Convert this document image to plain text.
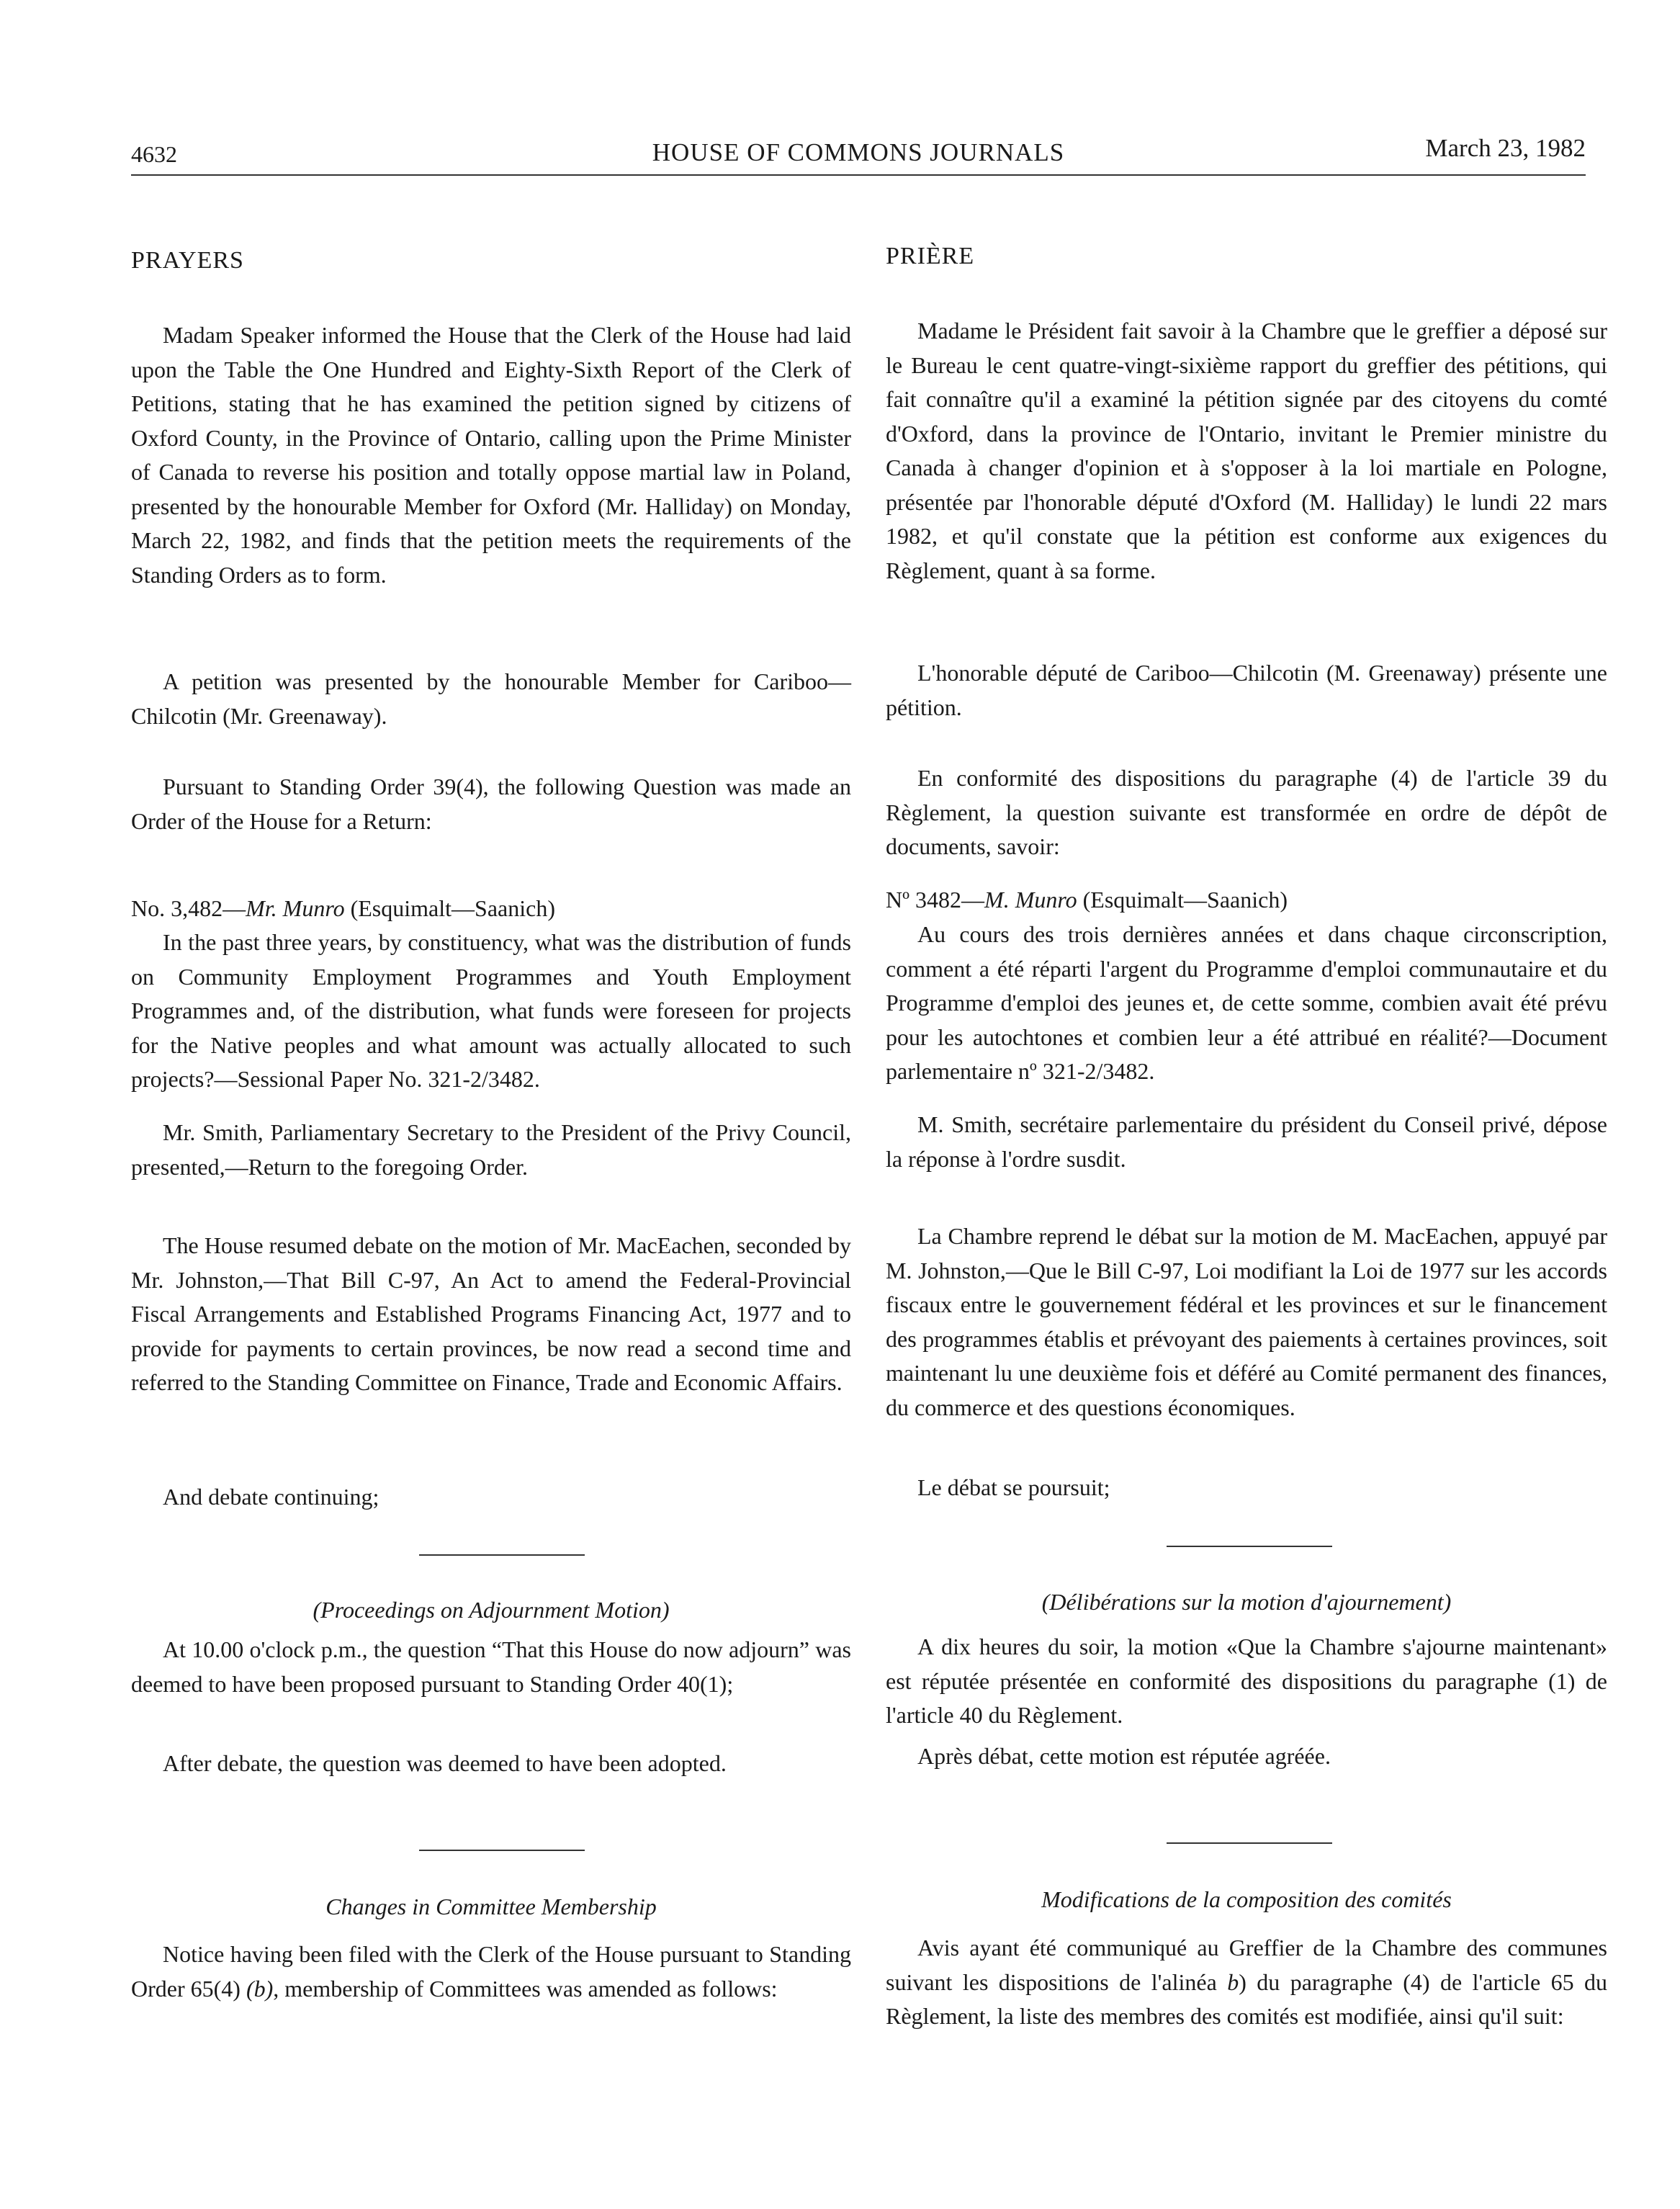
4632	HOUSE OF COMMONS JOURNALS	March 23, 1982

PRAYERS

Madam Speaker informed the House that the Clerk of the House had laid upon the Table the One Hundred and Eighty-Sixth Report of the Clerk of Petitions, stating that he has examined the petition signed by citizens of Oxford County, in the Province of Ontario, calling upon the Prime Minister of Canada to reverse his position and totally oppose martial law in Poland, presented by the honourable Member for Oxford (Mr. Halliday) on Monday, March 22, 1982, and finds that the petition meets the requirements of the Standing Orders as to form.

A petition was presented by the honourable Member for Cariboo—Chilcotin (Mr. Greenaway).

Pursuant to Standing Order 39(4), the following Question was made an Order of the House for a Return:

No. 3,482—Mr. Munro (Esquimalt—Saanich)

In the past three years, by constituency, what was the distribution of funds on Community Employment Programmes and Youth Employment Programmes and, of the distribution, what funds were foreseen for projects for the Native peoples and what amount was actually allocated to such projects?—Sessional Paper No. 321-2/3482.

Mr. Smith, Parliamentary Secretary to the President of the Privy Council, presented,—Return to the foregoing Order.

The House resumed debate on the motion of Mr. MacEachen, seconded by Mr. Johnston,—That Bill C-97, An Act to amend the Federal-Provincial Fiscal Arrangements and Established Programs Financing Act, 1977 and to provide for payments to certain provinces, be now read a second time and referred to the Standing Committee on Finance, Trade and Economic Affairs.

And debate continuing;

(Proceedings on Adjournment Motion)

At 10.00 o'clock p.m., the question “That this House do now adjourn” was deemed to have been proposed pursuant to Standing Order 40(1);

After debate, the question was deemed to have been adopted.

Changes in Committee Membership

Notice having been filed with the Clerk of the House pursuant to Standing Order 65(4) (b), membership of Committees was amended as follows:

PRIÈRE

Madame le Président fait savoir à la Chambre que le greffier a déposé sur le Bureau le cent quatre-vingt-sixième rapport du greffier des pétitions, qui fait connaître qu'il a examiné la pétition signée par des citoyens du comté d'Oxford, dans la province de l'Ontario, invitant le Premier ministre du Canada à changer d'opinion et à s'opposer à la loi martiale en Pologne, présentée par l'honorable député d'Oxford (M. Halliday) le lundi 22 mars 1982, et qu'il constate que la pétition est conforme aux exigences du Règlement, quant à sa forme.

L'honorable député de Cariboo—Chilcotin (M. Greenaway) présente une pétition.

En conformité des dispositions du paragraphe (4) de l'article 39 du Règlement, la question suivante est transformée en ordre de dépôt de documents, savoir:

Nº 3482—M. Munro (Esquimalt—Saanich)

Au cours des trois dernières années et dans chaque circonscription, comment a été réparti l'argent du Programme d'emploi communautaire et du Programme d'emploi des jeunes et, de cette somme, combien avait été prévu pour les autochtones et combien leur a été attribué en réalité?—Document parlementaire nº 321-2/3482.

M. Smith, secrétaire parlementaire du président du Conseil privé, dépose la réponse à l'ordre susdit.

La Chambre reprend le débat sur la motion de M. MacEachen, appuyé par M. Johnston,—Que le Bill C-97, Loi modifiant la Loi de 1977 sur les accords fiscaux entre le gouvernement fédéral et les provinces et sur le financement des programmes établis et prévoyant des paiements à certaines provinces, soit maintenant lu une deuxième fois et déféré au Comité permanent des finances, du commerce et des questions économiques.

Le débat se poursuit;

(Délibérations sur la motion d'ajournement)

A dix heures du soir, la motion «Que la Chambre s'ajourne maintenant» est réputée présentée en conformité des dispositions du paragraphe (1) de l'article 40 du Règlement.

Après débat, cette motion est réputée agréée.

Modifications de la composition des comités

Avis ayant été communiqué au Greffier de la Chambre des communes suivant les dispositions de l'alinéa b) du paragraphe (4) de l'article 65 du Règlement, la liste des membres des comités est modifiée, ainsi qu'il suit:
